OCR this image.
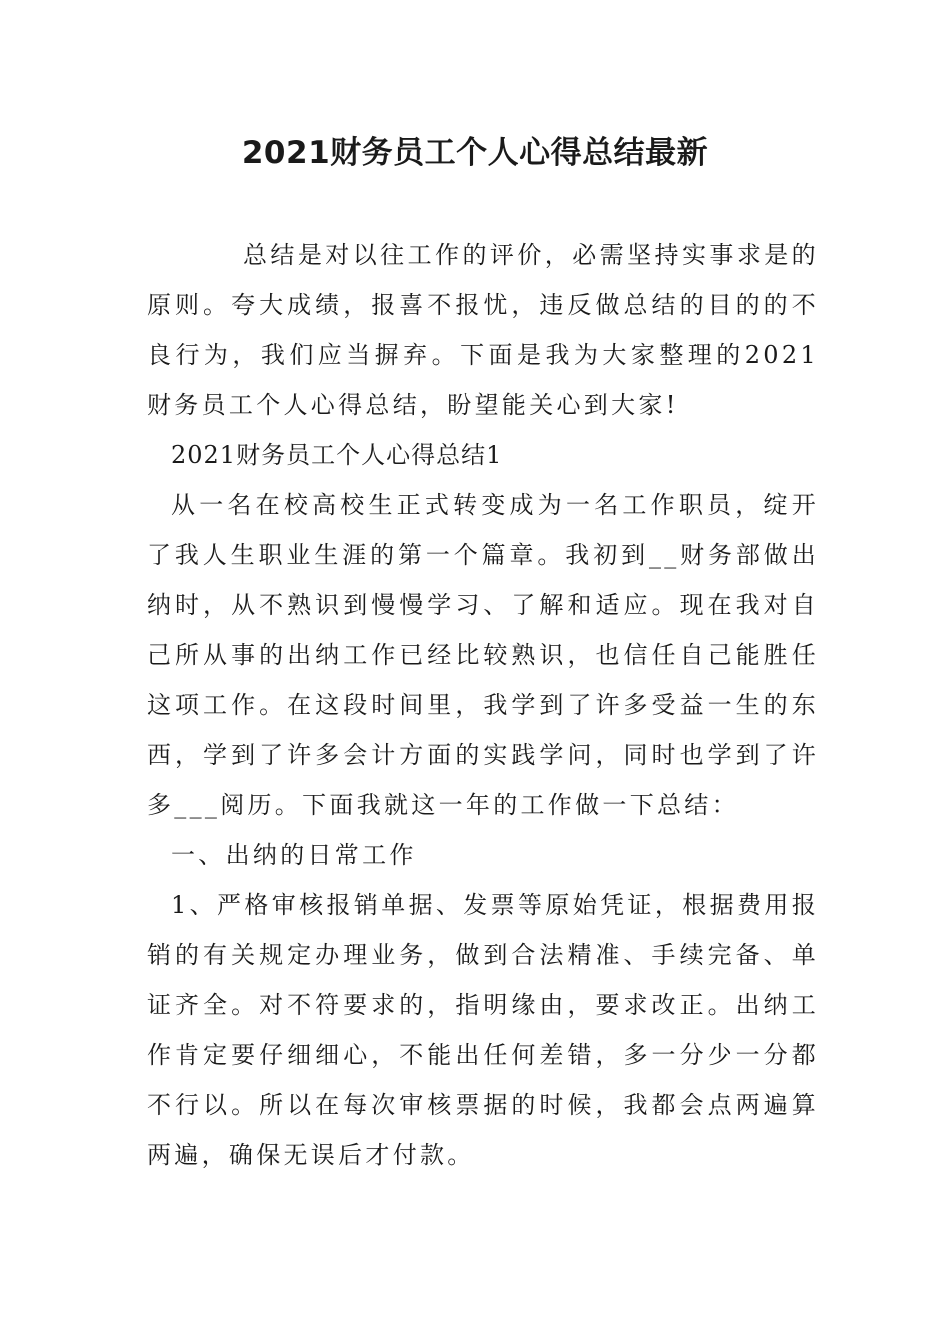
2021财务员工个人心得总结最新

总结是对以往工作的评价，必需坚持实事求是的原则。夸大成绩，报喜不报忧，违反做总结的目的的不良行为，我们应当摒弃。下面是我为大家整理的2021财务员工个人心得总结，盼望能关心到大家!

2021财务员工个人心得总结1

从一名在校高校生正式转变成为一名工作职员，绽开了我人生职业生涯的第一个篇章。我初到__财务部做出纳时，从不熟识到慢慢学习、了解和适应。现在我对自己所从事的出纳工作已经比较熟识，也信任自己能胜任这项工作。在这段时间里，我学到了许多受益一生的东西，学到了许多会计方面的实践学问，同时也学到了许多___阅历。下面我就这一年的工作做一下总结：

一、出纳的日常工作

1、严格审核报销单据、发票等原始凭证，根据费用报销的有关规定办理业务，做到合法精准、手续完备、单证齐全。对不符要求的，指明缘由，要求改正。出纳工作肯定要仔细细心，不能出任何差错，多一分少一分都不行以。所以在每次审核票据的时候，我都会点两遍算两遍，确保无误后才付款。
